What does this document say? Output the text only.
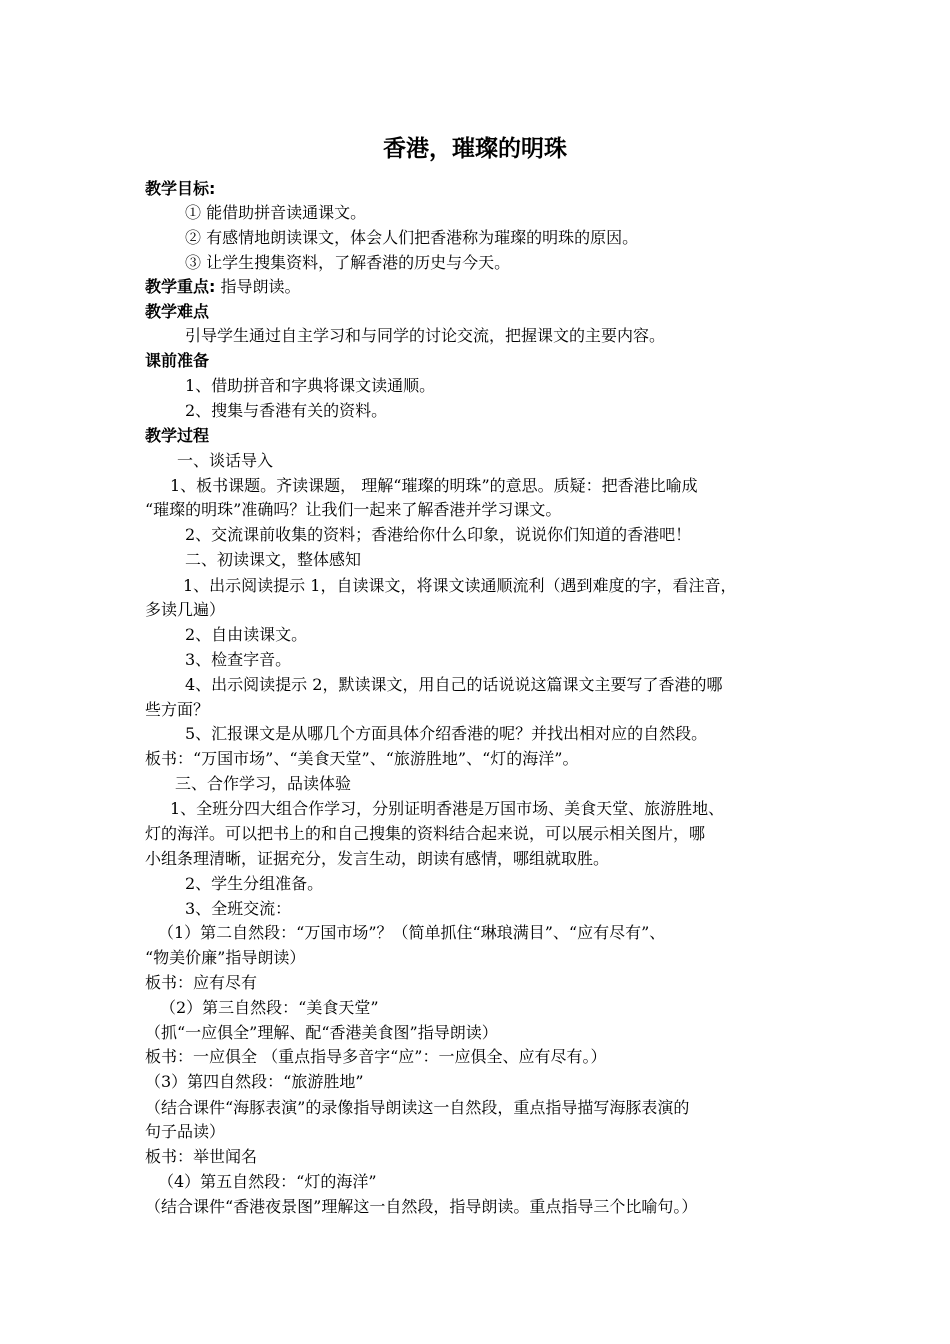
香港，璀璨的明珠
教学目标:
① 能借助拼音读通课文。
② 有感情地朗读课文，体会人们把香港称为璀璨的明珠的原因。
③ 让学生搜集资料，了解香港的历史与今天。
教学重点: 指导朗读。
教学难点
引导学生通过自主学习和与同学的讨论交流，把握课文的主要内容。
课前准备
1、借助拼音和字典将课文读通顺。
2、搜集与香港有关的资料。
教学过程
一、谈话导入
1、板书课题。齐读课题， 理解“璀璨的明珠”的意思。质疑：把香港比喻成
“璀璨的明珠”准确吗？让我们一起来了解香港并学习课文。
2、交流课前收集的资料；香港给你什么印象，说说你们知道的香港吧！
二、初读课文，整体感知
1、出示阅读提示 1，自读课文，将课文读通顺流利（遇到难度的字，看注音，
多读几遍）
2、自由读课文。
3、检查字音。
4、出示阅读提示 2，默读课文，用自己的话说说这篇课文主要写了香港的哪
些方面？
5、汇报课文是从哪几个方面具体介绍香港的呢？并找出相对应的自然段。
板书：“万国市场”、“美食天堂”、“旅游胜地”、“灯的海洋”。
三、合作学习，品读体验
1、全班分四大组合作学习，分别证明香港是万国市场、美食天堂、旅游胜地、
灯的海洋。可以把书上的和自己搜集的资料结合起来说，可以展示相关图片，哪
小组条理清晰，证据充分，发言生动，朗读有感情，哪组就取胜。
2、学生分组准备。
3、全班交流：
（1）第二自然段：“万国市场”？（简单抓住“琳琅满目”、“应有尽有”、
“物美价廉”指导朗读）
板书：应有尽有
（2）第三自然段：“美食天堂”
（抓“一应俱全”理解、配“香港美食图”指导朗读）
板书：一应俱全 （重点指导多音字“应”：一应俱全、应有尽有。）
（3）第四自然段：“旅游胜地”
（结合课件“海豚表演”的录像指导朗读这一自然段，重点指导描写海豚表演的
句子品读）
板书：举世闻名
（4）第五自然段：“灯的海洋”
（结合课件“香港夜景图”理解这一自然段，指导朗读。重点指导三个比喻句。）
